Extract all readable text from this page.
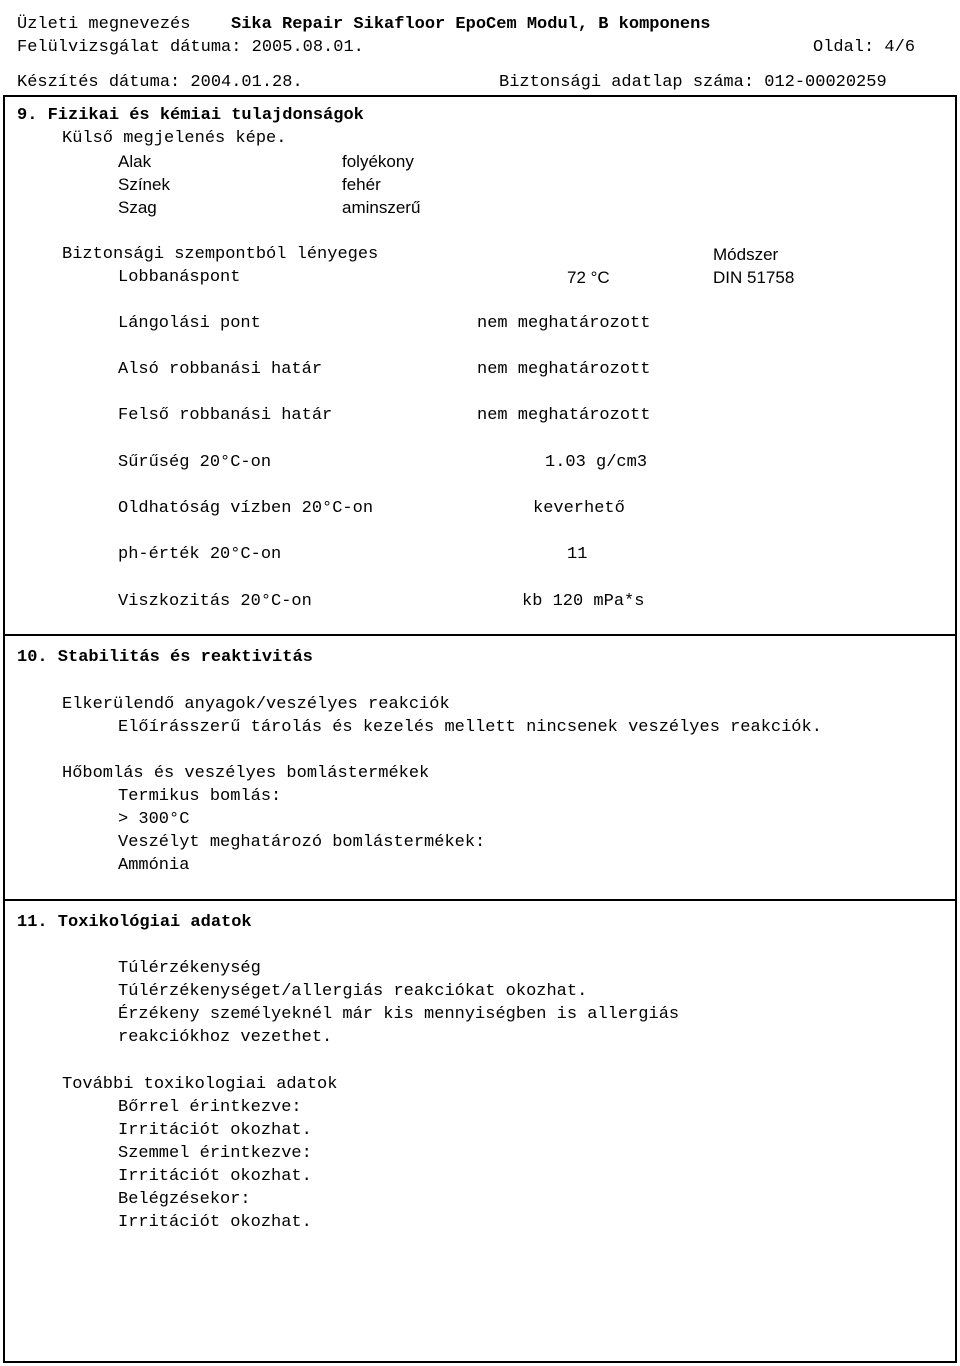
Üzleti megnevezés Sika Repair Sikafloor EpoCem Modul, B komponens
Felülvizsgálat dátuma: 2005.08.01.	Oldal: 4/6
Készítés dátuma: 2004.01.28.	Biztonsági adatlap száma: 012-00020259
9. Fizikai és kémiai tulajdonságok
Külső megjelenés képe.
Alak	folyékony
Színek	fehér
Szag	aminszerű
Biztonsági szempontból lényeges	Módszer
Lobbanáspont	72 °C	DIN 51758
Lángolási pont	nem meghatározott
Alsó robbanási határ	nem meghatározott
Felső robbanási határ	nem meghatározott
Sűrűség 20°C-on	1.03 g/cm3
Oldhatóság vízben 20°C-on	keverhető
ph-érték 20°C-on	11
Viszkozitás 20°C-on	kb 120 mPa*s
10. Stabilitás és reaktivitás
Elkerülendő anyagok/veszélyes reakciók
Előírásszerű tárolás és kezelés mellett nincsenek veszélyes reakciók.
Hőbomlás és veszélyes bomlástermékek
Termikus bomlás:
> 300°C
Veszélyt meghatározó bomlástermékek:
Ammónia
11. Toxikológiai adatok
Túlérzékenység
Túlérzékenységet/allergiás reakciókat okozhat.
Érzékeny személyeknél már kis mennyiségben is allergiás
reakciókhoz vezethet.
További toxikologiai adatok
Bőrrel érintkezve:
Irritációt okozhat.
Szemmel érintkezve:
Irritációt okozhat.
Belégzésekor:
Irritációt okozhat.
